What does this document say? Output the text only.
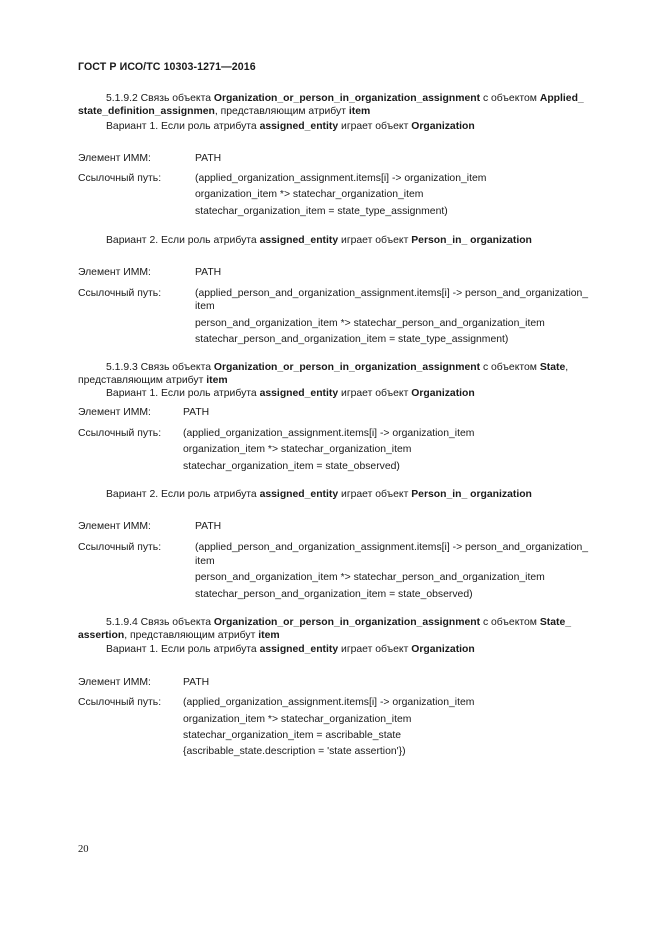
ГОСТ Р ИСО/ТС 10303-1271—2016
5.1.9.2 Связь объекта Organization_or_person_in_organization_assignment с объектом Applied_
state_definition_assignmen, представляющим атрибут item
Вариант 1. Если роль атрибута assigned_entity играет объект Organization
Элемент ИММ:	PATH
Ссылочный путь:	(applied_organization_assignment.items[i] -> organization_item
organization_item *> statechar_organization_item
statechar_organization_item = state_type_assignment)
Вариант 2. Если роль атрибута assigned_entity играет объект Person_in_ organization
Элемент ИММ:	PATH
Ссылочный путь:	(applied_person_and_organization_assignment.items[i] -> person_and_organization_
item
person_and_organization_item *> statechar_person_and_organization_item
statechar_person_and_organization_item = state_type_assignment)
5.1.9.3 Связь объекта Organization_or_person_in_organization_assignment с объектом State,
представляющим атрибут item
Вариант 1. Если роль атрибута assigned_entity играет объект Organization
Элемент ИММ:	PATH
Ссылочный путь: (applied_organization_assignment.items[i] -> organization_item
organization_item *> statechar_organization_item
statechar_organization_item = state_observed)
Вариант 2. Если роль атрибута assigned_entity играет объект Person_in_ organization
Элемент ИММ:	PATH
Ссылочный путь:	(applied_person_and_organization_assignment.items[i] -> person_and_organization_
item
person_and_organization_item *> statechar_person_and_organization_item
statechar_person_and_organization_item = state_observed)
5.1.9.4 Связь объекта Organization_or_person_in_organization_assignment с объектом State_
assertion, представляющим атрибут item
Вариант 1. Если роль атрибута assigned_entity играет объект Organization
Элемент ИММ:	PATH
Ссылочный путь: (applied_organization_assignment.items[i] -> organization_item
organization_item *> statechar_organization_item
statechar_organization_item = ascribable_state
{ascribable_state.description = 'state assertion'})
20
